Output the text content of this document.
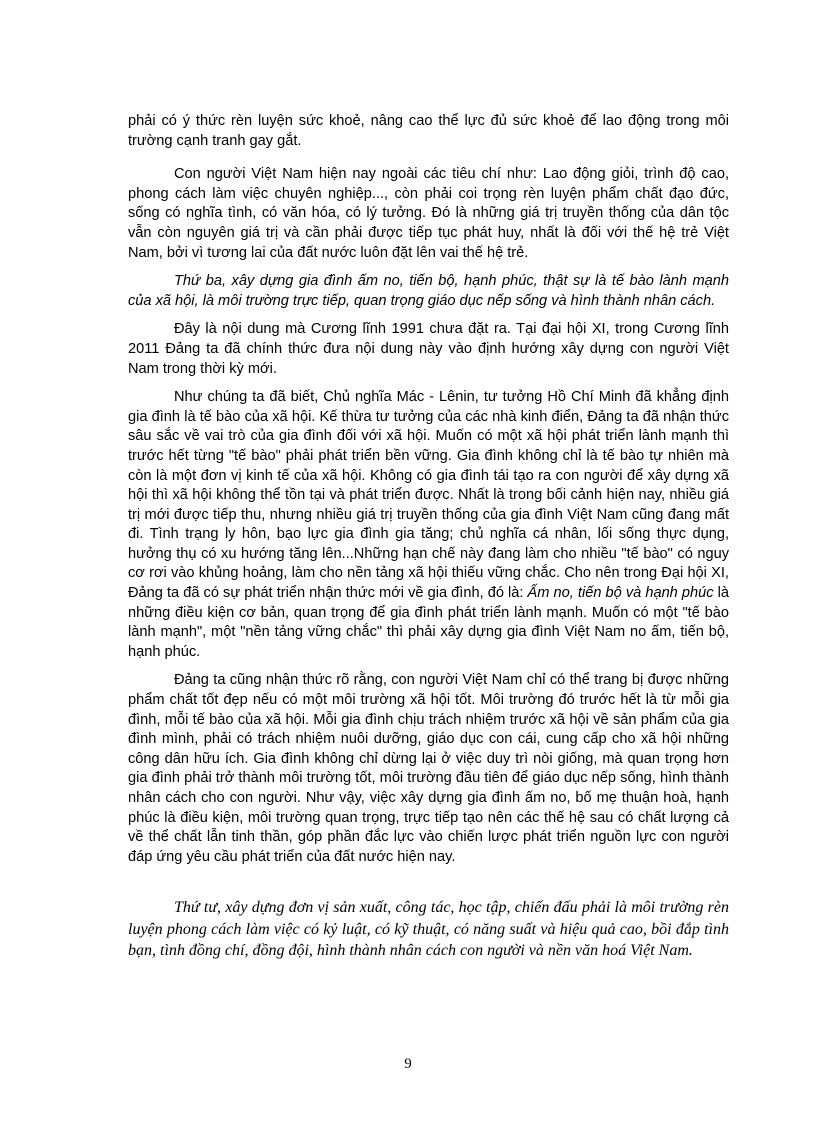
phải có ý thức rèn luyện sức khoẻ, nâng cao thể lực đủ sức khoẻ để lao động trong môi trường cạnh tranh gay gắt.

Con người Việt Nam hiện nay ngoài các tiêu chí như: Lao động giỏi, trình độ cao, phong cách làm việc chuyên nghiệp..., còn phải coi trọng rèn luyện phẩm chất đạo đức, sống có nghĩa tình, có văn hóa, có lý tưởng. Đó là những giá trị truyền thống của dân tộc vẫn còn nguyên giá trị và cần phải được tiếp tục phát huy, nhất là đối với thế hệ trẻ Việt Nam, bởi vì tương lai của đất nước luôn đặt lên vai thế hệ trẻ.

Thứ ba, xây dựng gia đình ấm no, tiến bộ, hạnh phúc, thật sự là tế bào lành mạnh của xã hội, là môi trường trực tiếp, quan trọng giáo dục nếp sống và hình thành nhân cách.

Đây là nội dung mà Cương lĩnh 1991 chưa đặt ra. Tại đại hội XI, trong Cương lĩnh 2011 Đảng ta đã chính thức đưa nội dung này vào định hướng xây dựng con người Việt Nam trong thời kỳ mới.

Như chúng ta đã biết, Chủ nghĩa Mác - Lênin, tư tưởng Hồ Chí Minh đã khẳng định gia đình là tế bào của xã hội. Kế thừa tư tưởng của các nhà kinh điển, Đảng ta đã nhận thức sâu sắc về vai trò của gia đình đối với xã hội. Muốn có một xã hội phát triển lành mạnh thì trước hết từng "tế bào" phải phát triển bền vững. Gia đình không chỉ là tế bào tự nhiên mà còn là một đơn vị kinh tế của xã hội. Không có gia đình tái tạo ra con người để xây dựng xã hội thì xã hội không thể tồn tại và phát triển được. Nhất là trong bối cảnh hiện nay, nhiều giá trị mới được tiếp thu, nhưng nhiều giá trị truyền thống của gia đình Việt Nam cũng đang mất đi. Tình trạng ly hôn, bạo lực gia đình gia tăng; chủ nghĩa cá nhân, lối sống thực dụng, hưởng thụ có xu hướng tăng lên...Những hạn chế này đang làm cho nhiều "tế bào" có nguy cơ rơi vào khủng hoảng, làm cho nền tảng xã hội thiếu vững chắc. Cho nên trong Đại hội XI, Đảng ta đã có sự phát triển nhận thức mới về gia đình, đó là: Ấm no, tiến bộ và hạnh phúc là những điều kiện cơ bản, quan trọng để gia đình phát triển lành mạnh. Muốn có một "tế bào lành mạnh", một "nền tảng vững chắc" thì phải xây dựng gia đình Việt Nam no ấm, tiến bộ, hạnh phúc.

Đảng ta cũng nhận thức rõ rằng, con người Việt Nam chỉ có thể trang bị được những phẩm chất tốt đẹp nếu có một môi trường xã hội tốt. Môi trường đó trước hết là từ mỗi gia đình, mỗi tế bào của xã hội. Mỗi gia đình chịu trách nhiệm trước xã hội về sản phẩm của gia đình mình, phải có trách nhiệm nuôi dưỡng, giáo dục con cái, cung cấp cho xã hội những công dân hữu ích. Gia đình không chỉ dừng lại ở việc duy trì nòi giống, mà quan trọng hơn gia đình phải trở thành môi trường tốt, môi trường đầu tiên để giáo dục nếp sống, hình thành nhân cách cho con người. Như vậy, việc xây dựng gia đình ấm no, bố mẹ thuận hoà, hạnh phúc là điều kiện, môi trường quan trọng, trực tiếp tạo nên các thế hệ sau có chất lượng cả về thể chất lẫn tinh thần, góp phần đắc lực vào chiến lược phát triển nguồn lực con người đáp ứng yêu cầu phát triển của đất nước hiện nay.

Thứ tư, xây dựng đơn vị sản xuất, công tác, học tập, chiến đấu phải là môi trường rèn luyện phong cách làm việc có kỷ luật, có kỹ thuật, có năng suất và hiệu quả cao, bồi đắp tình bạn, tình đồng chí, đồng đội, hình thành nhân cách con người và nền văn hoá Việt Nam.

9
